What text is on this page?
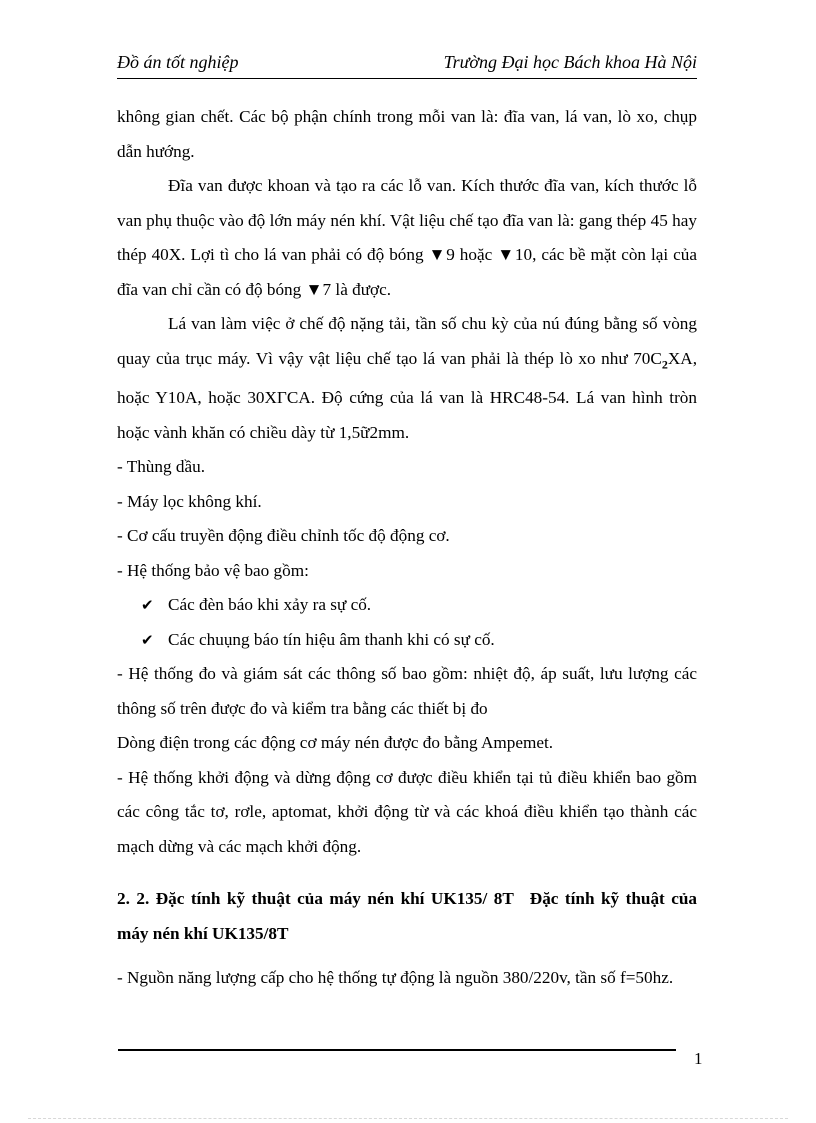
Đồ án tốt nghiệp	Trường Đại học Bách khoa Hà Nội

không gian chết. Các bộ phận chính trong mỗi van là: đĩa van, lá van, lò xo, chụp dẫn hướng.

Đĩa van được khoan và tạo ra các lỗ van. Kích thước đĩa van, kích thước lỗ van phụ thuộc vào độ lớn máy nén khí. Vật liệu chế tạo đĩa van là: gang thép 45 hay thép 40X. Lợi tì cho lá van phải có độ bóng ▼9 hoặc ▼10, các bề mặt còn lại của đĩa van chỉ cần có độ bóng ▼7 là được.

Lá van làm việc ở chế độ nặng tải, tần số chu kỳ của nú đúng bằng số vòng quay của trục máy. Vì vậy vật liệu chế tạo lá van phải là thép lò xo như $70C_2XA$, hoặc Y10A, hoặc 30XΓCA. Độ cứng của lá van là HRC48-54. Lá van hình tròn hoặc vành khăn có chiều dày từ 1,5ữ2mm.

- Thùng dầu.

- Máy lọc không khí.

- Cơ cấu truyền động điều chỉnh tốc độ động cơ.

- Hệ thống bảo vệ bao gồm:

✔ Các đèn báo khi xảy ra sự cố.

✔ Các chuụng báo tín hiệu âm thanh khi có sự cố.

- Hệ thống đo và giám sát các thông số bao gồm: nhiệt độ, áp suất, lưu lượng các thông số trên được đo và kiểm tra bằng các thiết bị đo

Dòng điện trong các động cơ máy nén được đo bằng Ampemet.

- Hệ thống khởi động và dừng động cơ được điều khiển tại tủ điều khiển bao gồm các công tắc tơ, rơle, aptomat, khởi động từ và các khoá điều khiển tạo thành các mạch dừng và các mạch khởi động.

2. 2. Đặc tính kỹ thuật của máy nén khí UK135/ 8T Đặc tính kỹ thuật của máy nén khí UK135/8T

- Nguồn năng lượng cấp cho hệ thống tự động là nguồn 380/220v, tần số f=50hz.

1
